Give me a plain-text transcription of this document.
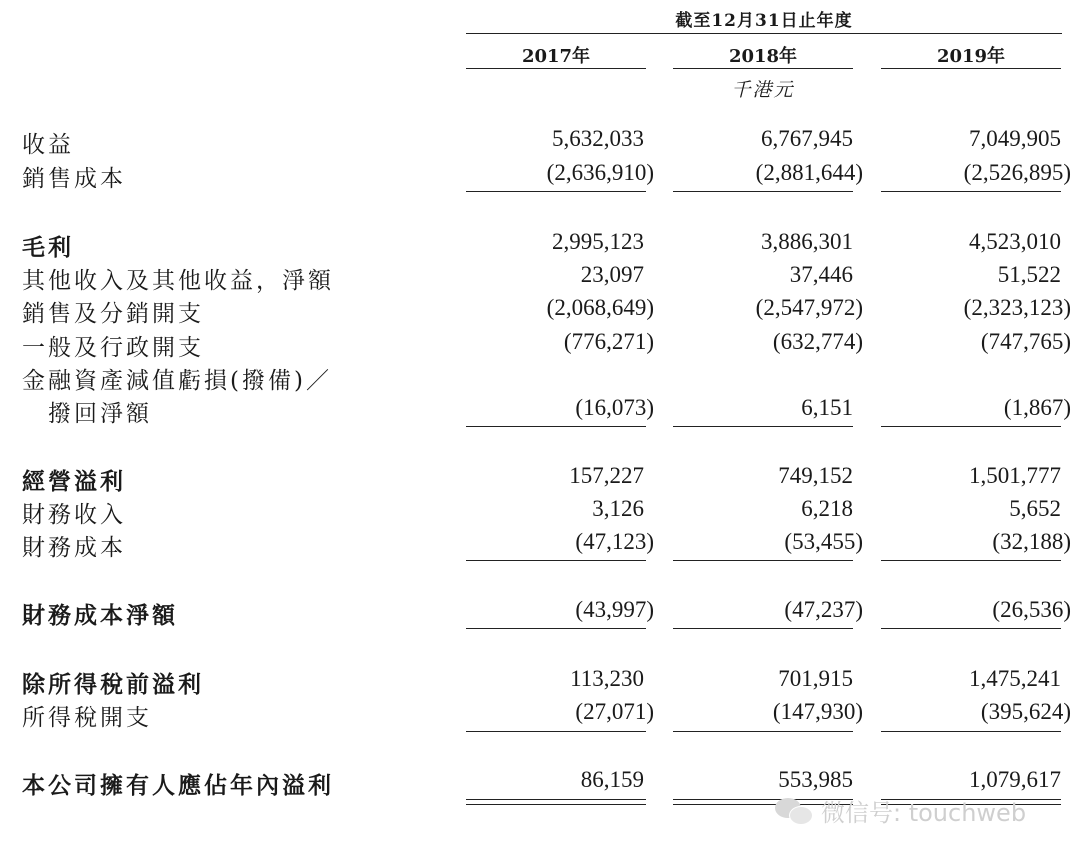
截至12月31日止年度
2017年	2018年	2019年
千港元
收益	5,632,033	6,767,945	7,049,905
銷售成本	(2,636,910)	(2,881,644)	(2,526,895)
毛利	2,995,123	3,886,301	4,523,010
其他收入及其他收益，淨額	23,097	37,446	51,522
銷售及分銷開支	(2,068,649)	(2,547,972)	(2,323,123)
一般及行政開支	(776,271)	(632,774)	(747,765)
金融資產減值虧損(撥備)／
撥回淨額	(16,073)	6,151	(1,867)
經營溢利	157,227	749,152	1,501,777
財務收入	3,126	6,218	5,652
財務成本	(47,123)	(53,455)	(32,188)
財務成本淨額	(43,997)	(47,237)	(26,536)
除所得稅前溢利	113,230	701,915	1,475,241
所得稅開支	(27,071)	(147,930)	(395,624)
本公司擁有人應佔年內溢利	86,159	553,985	1,079,617
微信号: touchweb
